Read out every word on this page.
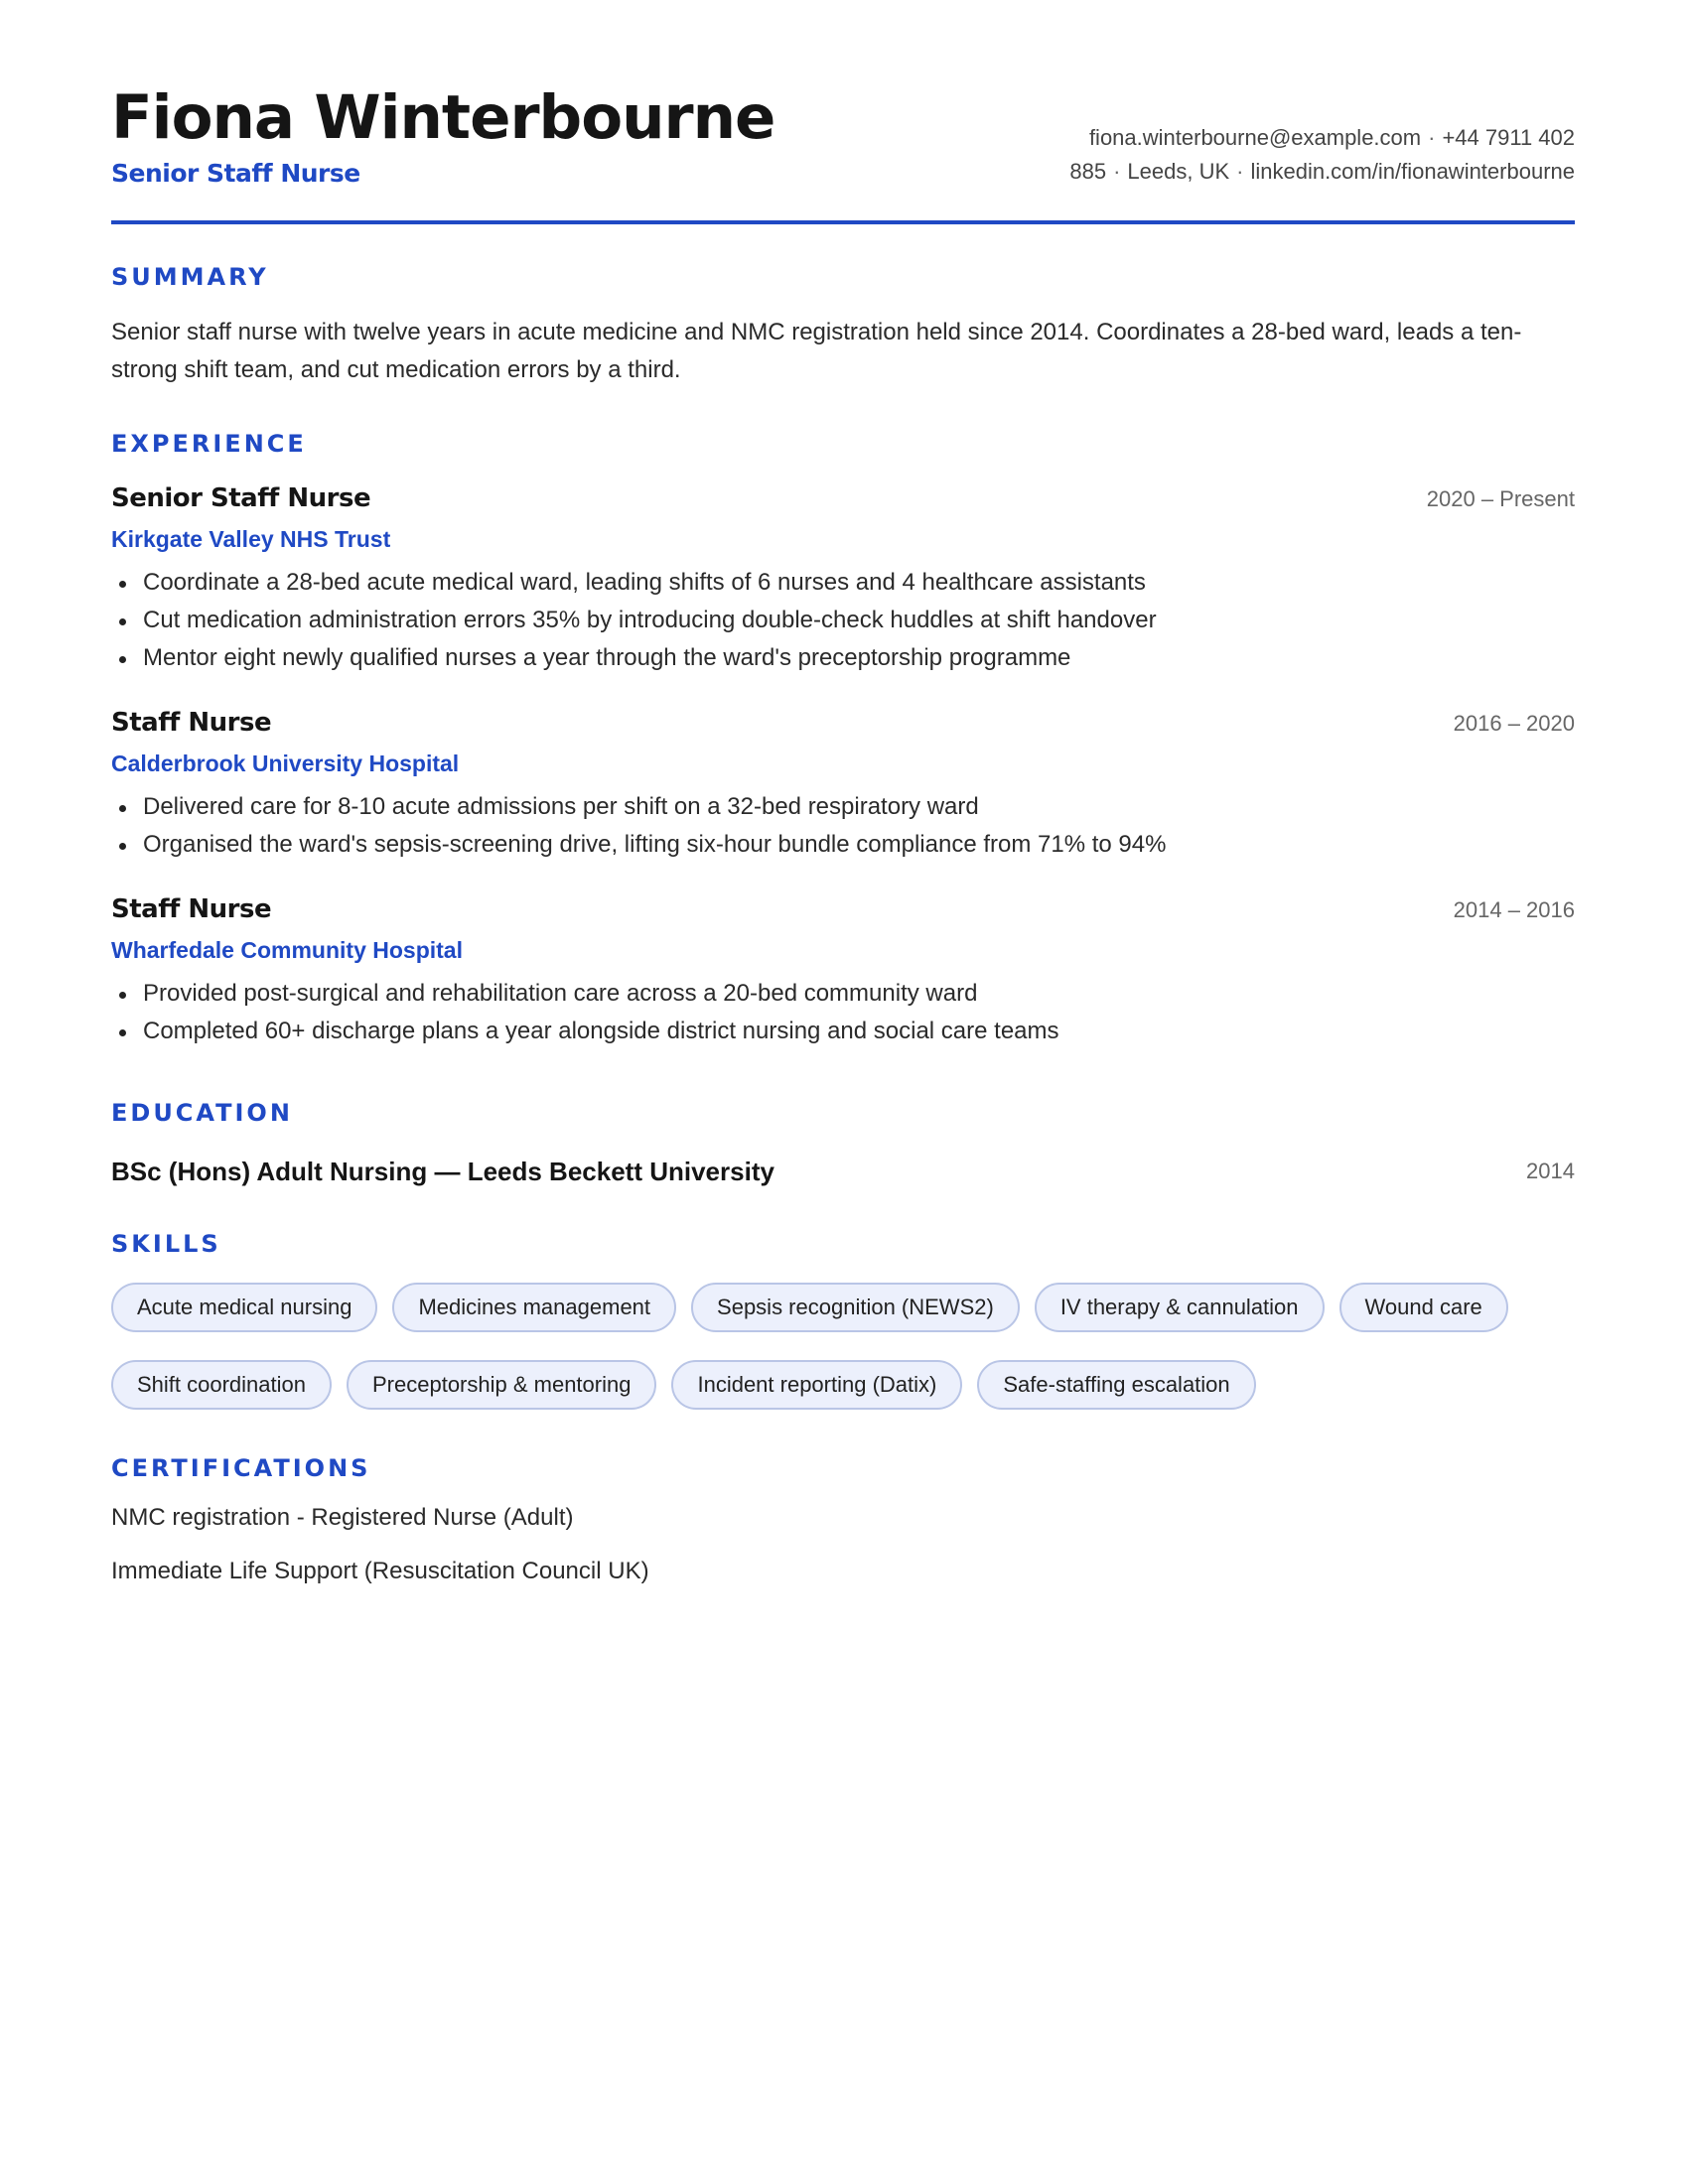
Fiona Winterbourne
Senior Staff Nurse
fiona.winterbourne@example.com · +44 7911 402
885 · Leeds, UK · linkedin.com/in/fionawinterbourne
SUMMARY

Senior staff nurse with twelve years in acute medicine and NMC registration held since 2014. Coordinates a 28-bed ward, leads a ten-strong shift team, and cut medication errors by a third.

EXPERIENCE
Senior Staff Nurse	2020 – Present
Kirkgate Valley NHS Trust
Coordinate a 28-bed acute medical ward, leading shifts of 6 nurses and 4 healthcare assistants
Cut medication administration errors 35% by introducing double-check huddles at shift handover
Mentor eight newly qualified nurses a year through the ward's preceptorship programme
Staff Nurse	2016 – 2020
Calderbrook University Hospital
Delivered care for 8-10 acute admissions per shift on a 32-bed respiratory ward
Organised the ward's sepsis-screening drive, lifting six-hour bundle compliance from 71% to 94%
Staff Nurse	2014 – 2016
Wharfedale Community Hospital
Provided post-surgical and rehabilitation care across a 20-bed community ward
Completed 60+ discharge plans a year alongside district nursing and social care teams
EDUCATION
BSc (Hons) Adult Nursing — Leeds Beckett University	2014
SKILLS
Acute medical nursing	Medicines management	Sepsis recognition (NEWS2)	IV therapy & cannulation	Wound care
Shift coordination	Preceptorship & mentoring	Incident reporting (Datix)	Safe-staffing escalation
CERTIFICATIONS
NMC registration - Registered Nurse (Adult)
Immediate Life Support (Resuscitation Council UK)
